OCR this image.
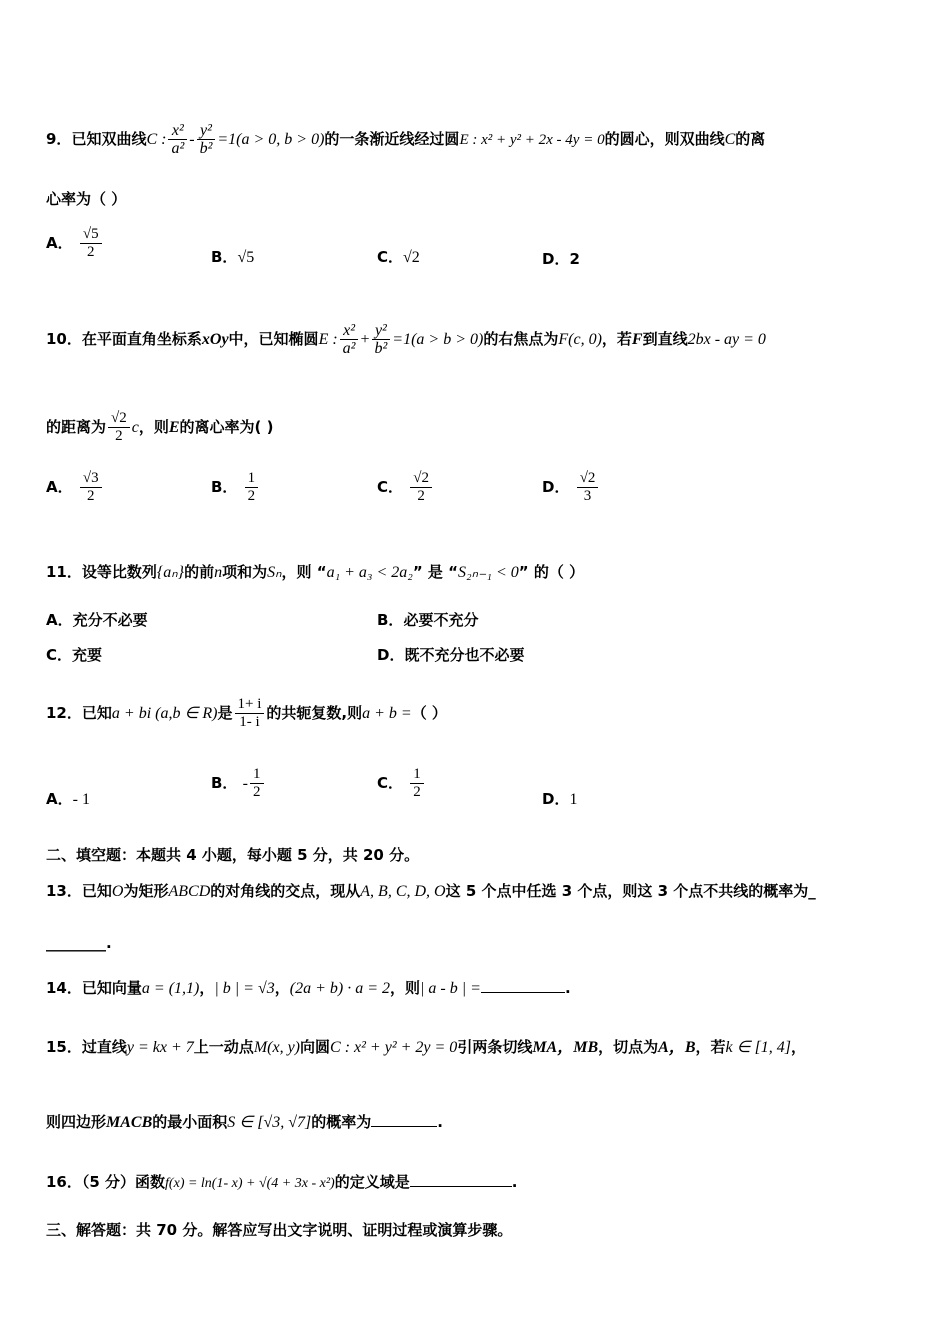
9．已知双曲线C : $\frac{\text{x²}}{\text{a²}} - \frac{\text{y²}}{\text{b²}} =1(a > 0$, b > 0)的一条渐近线经过圆E : x² + y² + 2x - 4y = 0的圆心，则双曲线C的离
心率为（ ）
A． $\frac{√5}{2}$	B．√5	C．√2	D．2
10．在平面直角坐标系xOy中，已知椭圆E : $\frac{\text{x²}}{\text{a²}} + \frac{\text{y²}}{\text{b²}} =1(a > b > 0)$的右焦点为F(c, 0)，若F到直线2bx - ay = 0
的距离为 $\frac{√2}{2}$ c，则E的离心率为( )
A． $\frac{√3}{2}$	B． $\frac{1}{2}$	C． $\frac{√2}{2}$	D． $\frac{√2}{3}$
11．设等比数列{aₙ}的前n项和为Sₙ，则 “a₁ + a₃ < 2a₂” 是 “S₂ₙ₋₁ < 0” 的（ ）
A．充分不必要	B．必要不充分
C．充要	D．既不充分也不必要
12．已知a + bi (a,b ∈ R)是 $\frac{1+ i}{1- i}$ 的共轭复数,则a + b =（ ）
A．- 1
B． - $\frac{1}{2}$	C． $\frac{1}{2}$	D．1
二、填空题：本题共 4 小题，每小题 5 分，共 20 分。
13．已知O为矩形ABCD的对角线的交点，现从A, B, C, D, O这 5 个点中任选 3 个点，则这 3 个点不共线的概率为_
________.
14．已知向量a = (1,1)，| b | = √3，(2a + b) · a = 2，则| a - b | =	.
15．过直线y = kx + 7上一动点M(x, y)向圆C : x² + y² + 2y = 0引两条切线MA，MB，切点为A，B，若k ∈ [1, 4]，
则四边形MACB的最小面积S ∈ [√3, √7]的概率为	.
16．（5 分）函数f(x) = ln(1- x) + √(4 + 3x - x²)的定义域是	.
三、解答题：共 70 分。解答应写出文字说明、证明过程或演算步骤。
